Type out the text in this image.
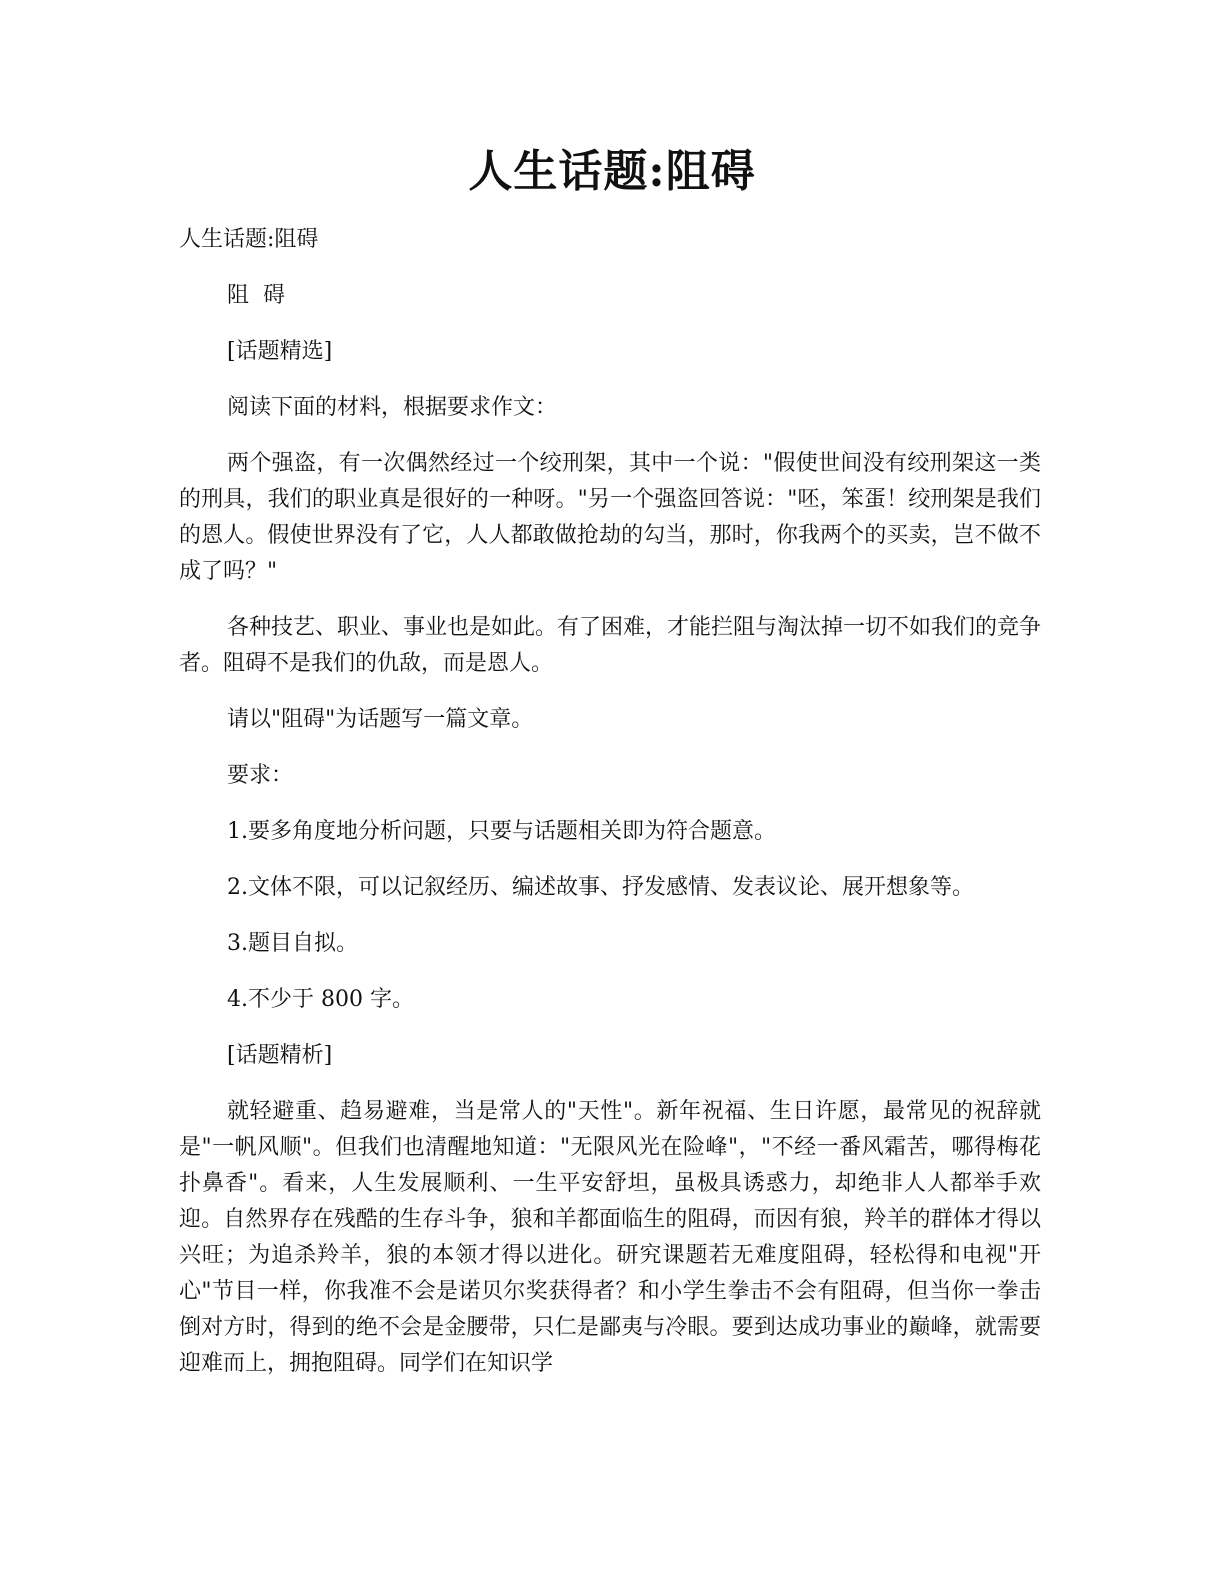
人生话题:阻碍

人生话题:阻碍

阻  碍

[话题精选]

阅读下面的材料，根据要求作文：

两个强盗，有一次偶然经过一个绞刑架，其中一个说："假使世间没有绞刑架这一类的刑具，我们的职业真是很好的一种呀。"另一个强盗回答说："呸，笨蛋！绞刑架是我们的恩人。假使世界没有了它，人人都敢做抢劫的勾当，那时，你我两个的买卖，岂不做不成了吗？"

各种技艺、职业、事业也是如此。有了困难，才能拦阻与淘汰掉一切不如我们的竞争者。阻碍不是我们的仇敌，而是恩人。

请以"阻碍"为话题写一篇文章。

要求：

1.要多角度地分析问题，只要与话题相关即为符合题意。

2.文体不限，可以记叙经历、编述故事、抒发感情、发表议论、展开想象等。

3.题目自拟。

4.不少于 800 字。

[话题精析]

就轻避重、趋易避难，当是常人的"天性"。新年祝福、生日许愿，最常见的祝辞就是"一帆风顺"。但我们也清醒地知道："无限风光在险峰"，"不经一番风霜苦，哪得梅花扑鼻香"。看来，人生发展顺利、一生平安舒坦，虽极具诱惑力，却绝非人人都举手欢迎。自然界存在残酷的生存斗争，狼和羊都面临生的阻碍，而因有狼，羚羊的群体才得以兴旺；为追杀羚羊，狼的本领才得以进化。研究课题若无难度阻碍，轻松得和电视"开心"节目一样，你我准不会是诺贝尔奖获得者？和小学生拳击不会有阻碍，但当你一拳击倒对方时，得到的绝不会是金腰带，只仁是鄙夷与冷眼。要到达成功事业的巅峰，就需要迎难而上，拥抱阻碍。同学们在知识学
